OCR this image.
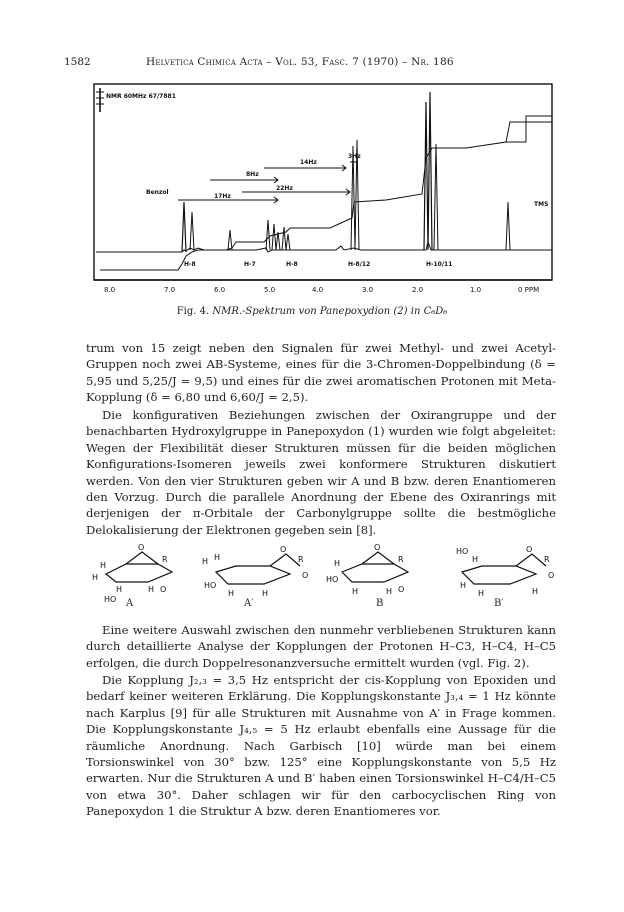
1582	Helvetica Chimica Acta – Vol. 53, Fasc. 7 (1970) – Nr. 186
NMR 60MHz 67/7881
Benzol
TMS
17Hz
8Hz
14Hz
22Hz
3Hz
H-8	H-7	H-8	H-8/12	H-10/11
8.0	7.0	6.0	5.0	4.0	3.0	2.0	1.0	0 PPM
Fig. 4. NMR.-Spektrum von Panepoxydion (2) in C₆D₆

trum von 15 zeigt neben den Signalen für zwei Methyl- und zwei Acetyl-Gruppen noch zwei AB-Systeme, eines für die 3-Chromen-Doppelbindung (δ = 5,95 und 5,25/J = 9,5) und eines für die zwei aromatischen Protonen mit Meta-Kopplung (δ = 6,80 und 6,60/J = 2,5).

Die konfigurativen Beziehungen zwischen der Oxirangruppe und der benachbarten Hydroxylgruppe in Panepoxydon (1) wurden wie folgt abgeleitet: Wegen der Flexibilität dieser Strukturen müssen für die beiden möglichen Konfigurations-Isomeren jeweils zwei konformere Strukturen diskutiert werden. Von den vier Strukturen geben wir A und B bzw. deren Enantiomeren den Vorzug. Durch die parallele Anordnung der Ebene des Oxiranrings mit derjenigen der π-Orbitale der Carbonylgruppe sollte die bestmögliche Delokalisierung der Elektronen gegeben sein [8].

H
O
R
H
H	H O
HO
H H
O
R
O
HO
H	H
H
O
R
HO
H	H O
HO
H
O
R
O
H
H	H
A	A′	B	B′

Eine weitere Auswahl zwischen den nunmehr verbliebenen Strukturen kann durch detaillierte Analyse der Kopplungen der Protonen H–C3, H–C4, H–C5 erfolgen, die durch Doppelresonanzversuche ermittelt wurden (vgl. Fig. 2).

Die Kopplung J₂,₃ = 3,5 Hz entspricht der cis-Kopplung von Epoxiden und bedarf keiner weiteren Erklärung. Die Kopplungskonstante J₃,₄ = 1 Hz könnte nach Karplus [9] für alle Strukturen mit Ausnahme von A′ in Frage kommen. Die Kopplungskonstante J₄,₅ = 5 Hz erlaubt ebenfalls eine Aussage für die räumliche Anordnung. Nach Garbisch [10] würde man bei einem Torsionswinkel von 30° bzw. 125° eine Kopplungskonstante von 5,5 Hz erwarten. Nur die Strukturen A und B′ haben einen Torsionswinkel H–C4/H–C5 von etwa 30°. Daher schlagen wir für den carbocyclischen Ring von Panepoxydon 1 die Struktur A bzw. deren Enantiomeres vor.
